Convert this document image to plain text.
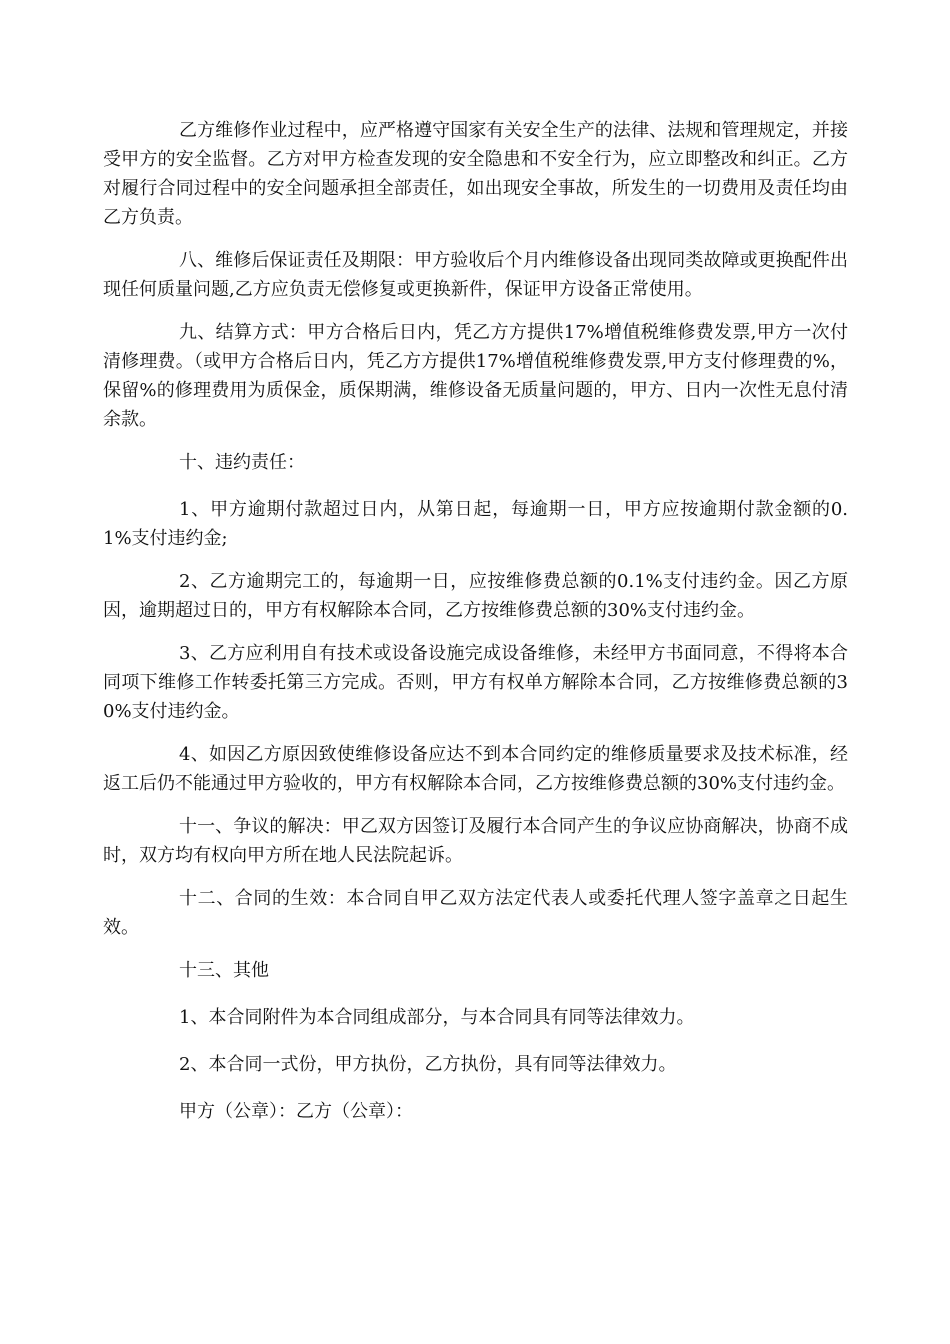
乙方维修作业过程中，应严格遵守国家有关安全生产的法律、法规和管理规定，并接受甲方的安全监督。乙方对甲方检查发现的安全隐患和不安全行为，应立即整改和纠正。乙方对履行合同过程中的安全问题承担全部责任，如出现安全事故，所发生的一切费用及责任均由乙方负责。

八、维修后保证责任及期限：甲方验收后个月内维修设备出现同类故障或更换配件出现任何质量问题,乙方应负责无偿修复或更换新件，保证甲方设备正常使用。

九、结算方式：甲方合格后日内，凭乙方方提供17%增值税维修费发票,甲方一次付清修理费。（或甲方合格后日内，凭乙方方提供17%增值税维修费发票,甲方支付修理费的%，保留%的修理费用为质保金，质保期满，维修设备无质量问题的，甲方、日内一次性无息付清余款。

十、违约责任：

1、甲方逾期付款超过日内，从第日起，每逾期一日，甲方应按逾期付款金额的0.1%支付违约金;

2、乙方逾期完工的，每逾期一日，应按维修费总额的0.1%支付违约金。因乙方原因，逾期超过日的，甲方有权解除本合同，乙方按维修费总额的30%支付违约金。

3、乙方应利用自有技术或设备设施完成设备维修，未经甲方书面同意，不得将本合同项下维修工作转委托第三方完成。否则，甲方有权单方解除本合同，乙方按维修费总额的30%支付违约金。

4、如因乙方原因致使维修设备应达不到本合同约定的维修质量要求及技术标准，经返工后仍不能通过甲方验收的，甲方有权解除本合同，乙方按维修费总额的30%支付违约金。

十一、争议的解决：甲乙双方因签订及履行本合同产生的争议应协商解决，协商不成时，双方均有权向甲方所在地人民法院起诉。

十二、合同的生效：本合同自甲乙双方法定代表人或委托代理人签字盖章之日起生效。

十三、其他

1、本合同附件为本合同组成部分，与本合同具有同等法律效力。

2、本合同一式份，甲方执份，乙方执份，具有同等法律效力。

甲方（公章）：乙方（公章）：
